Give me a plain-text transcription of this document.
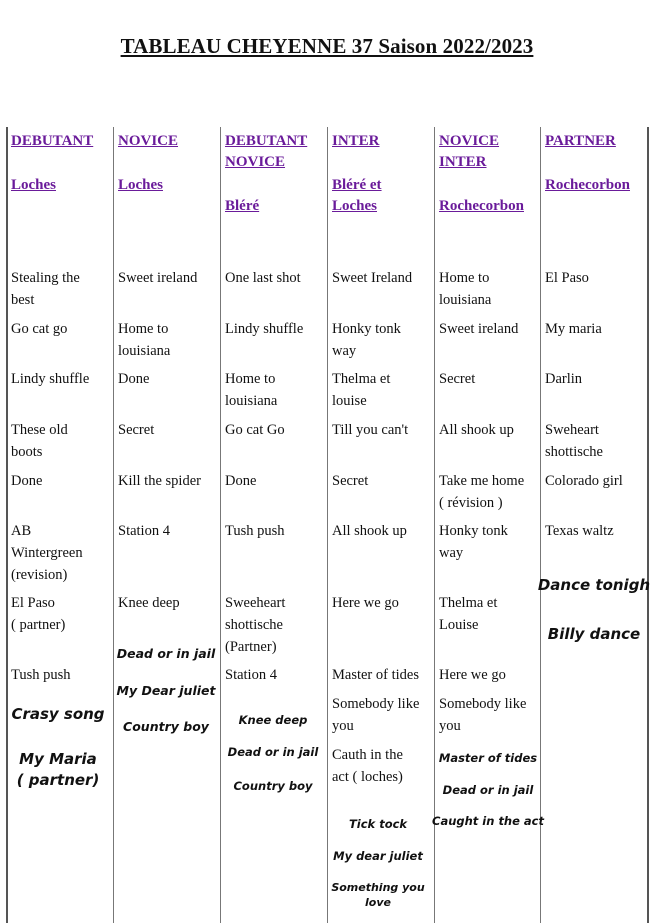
TABLEAU CHEYENNE 37 Saison 2022/2023
DEBUTANT
Loches
Stealing the
best
Go cat go
Lindy shuffle
These old
boots
Done
AB
Wintergreen
(revision)
El Paso
( partner)
Tush push
Crasy song
My Maria
( partner)
NOVICE
Loches
Sweet ireland
Home to
louisiana
Done
Secret
Kill the spider
Station 4
Knee deep
Dead or in jail
My Dear juliet
Country boy
DEBUTANT
NOVICE
Bléré
One last shot
Lindy shuffle
Home to
louisiana
Go cat Go
Done
Tush push
Sweeheart
shottische
(Partner)
Station 4
Knee deep
Dead or in jail
Country boy
INTER
Bléré et
Loches
Sweet Ireland
Honky tonk
way
Thelma et
louise
Till you can't
Secret
All shook up
Here we go
Master of tides
Somebody like
you
Cauth in the
act ( loches)
Tick tock
My dear juliet
Something you love
NOVICE
INTER
Rochecorbon
Home to
louisiana
Sweet ireland
Secret
All shook up
Take me home
( révision )
Honky tonk
way
Thelma et
Louise
Here we go
Somebody like
you
Master of tides
Dead or in jail
Caught in the act
PARTNER
Rochecorbon
El Paso
My maria
Darlin
Sweheart
shottische
Colorado girl
Texas waltz
Dance tonigh
Billy dance
